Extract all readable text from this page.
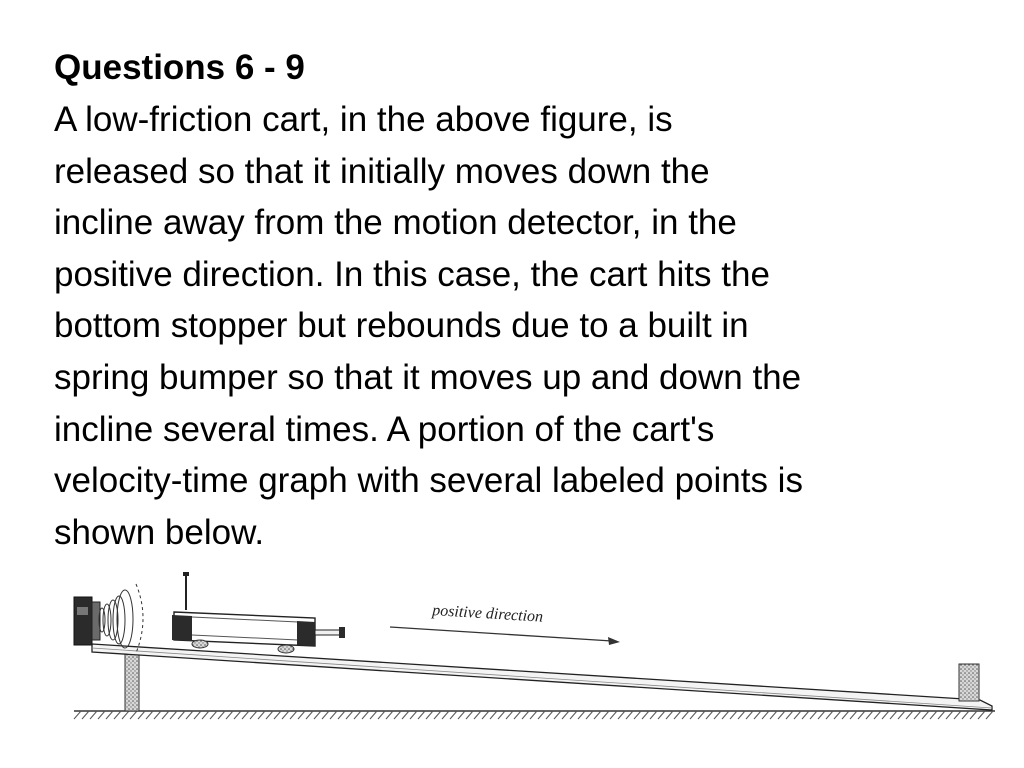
Questions 6 - 9
A low-friction cart, in the above figure, is
released so that it initially moves down the
incline away from the motion detector, in the
positive direction. In this case, the cart hits the
bottom stopper but rebounds due to a built in
spring bumper so that it moves up and down the
incline several times. A portion of the cart's
velocity-time graph with several labeled points is
shown below.
positive direction
